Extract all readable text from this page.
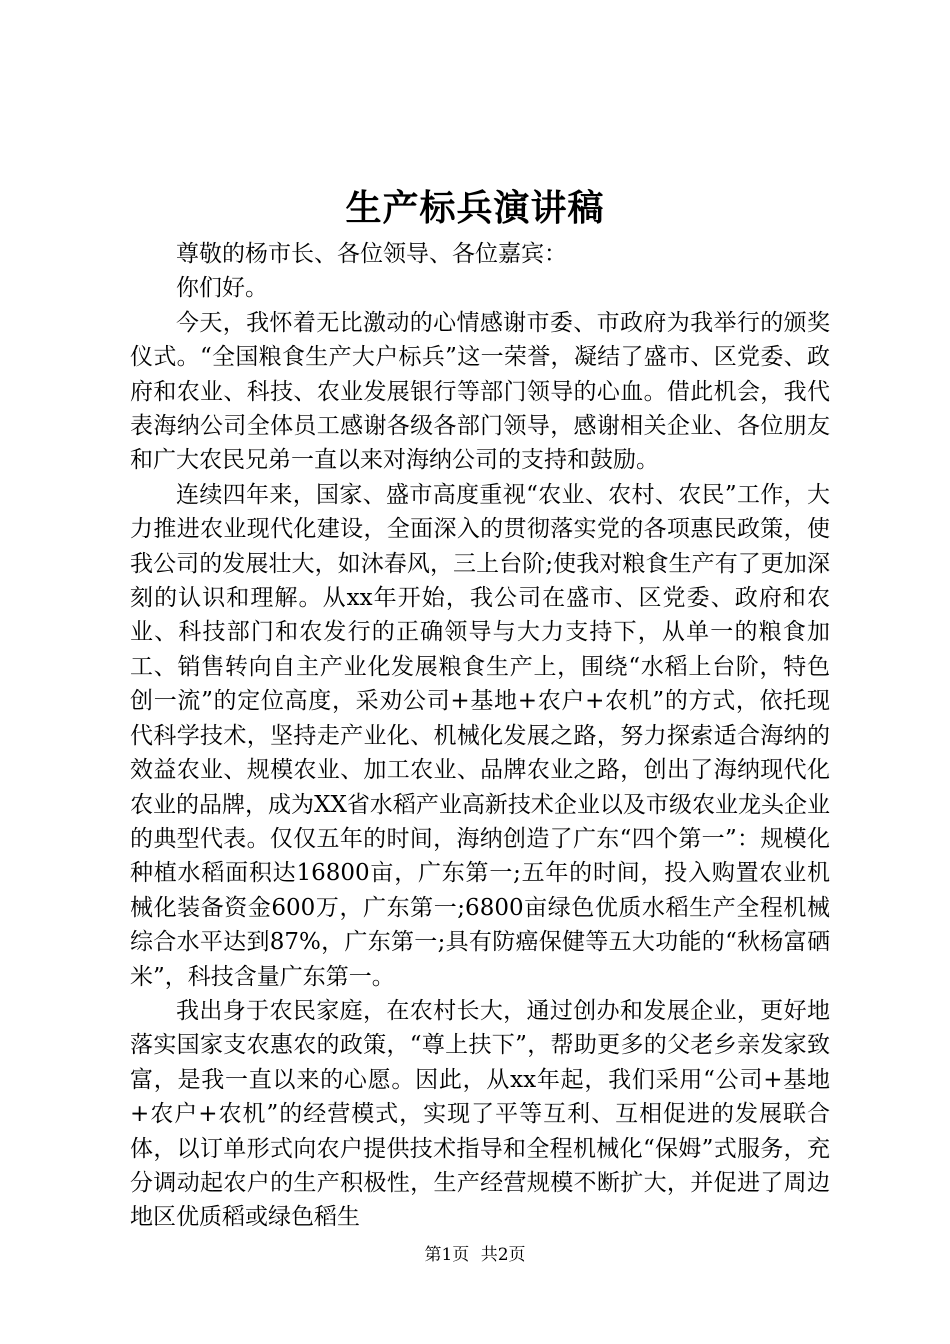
生产标兵演讲稿

尊敬的杨市长、各位领导、各位嘉宾：

你们好。

今天，我怀着无比激动的心情感谢市委、市政府为我举行的颁奖仪式。“全国粮食生产大户标兵”这一荣誉，凝结了盛市、区党委、政府和农业、科技、农业发展银行等部门领导的心血。借此机会，我代表海纳公司全体员工感谢各级各部门领导，感谢相关企业、各位朋友和广大农民兄弟一直以来对海纳公司的支持和鼓励。

连续四年来，国家、盛市高度重视“农业、农村、农民”工作，大力推进农业现代化建设，全面深入的贯彻落实党的各项惠民政策，使我公司的发展壮大，如沐春风，三上台阶;使我对粮食生产有了更加深刻的认识和理解。从xx年开始，我公司在盛市、区党委、政府和农业、科技部门和农发行的正确领导与大力支持下，从单一的粮食加工、销售转向自主产业化发展粮食生产上，围绕“水稻上台阶，特色创一流”的定位高度，采劝公司+基地+农户+农机”的方式，依托现代科学技术，坚持走产业化、机械化发展之路，努力探索适合海纳的效益农业、规模农业、加工农业、品牌农业之路，创出了海纳现代化农业的品牌，成为XX省水稻产业高新技术企业以及市级农业龙头企业的典型代表。仅仅五年的时间，海纳创造了广东“四个第一”：规模化种植水稻面积达16800亩，广东第一;五年的时间，投入购置农业机械化装备资金600万，广东第一;6800亩绿色优质水稻生产全程机械综合水平达到87%，广东第一;具有防癌保健等五大功能的“秋杨富硒米”，科技含量广东第一。

我出身于农民家庭，在农村长大，通过创办和发展企业，更好地落实国家支农惠农的政策，“尊上扶下”，帮助更多的父老乡亲发家致富，是我一直以来的心愿。因此，从xx年起，我们采用“公司+基地+农户+农机”的经营模式，实现了平等互利、互相促进的发展联合体，以订单形式向农户提供技术指导和全程机械化“保姆”式服务，充分调动起农户的生产积极性，生产经营规模不断扩大，并促进了周边地区优质稻或绿色稻生

第1页 共2页
